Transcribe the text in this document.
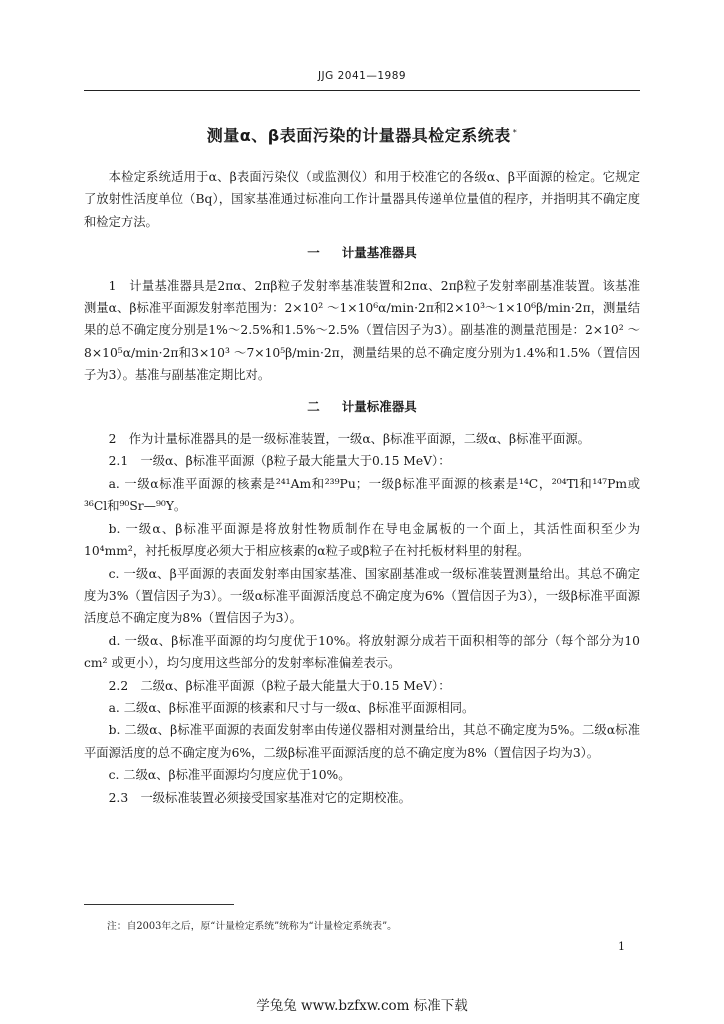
JJG 2041—1989
测量α、β表面污染的计量器具检定系统表 *

本检定系统适用于α、β表面污染仪（或监测仪）和用于校准它的各级α、β平面源的检定。它规定了放射性活度单位（Bq），国家基准通过标准向工作计量器具传递单位量值的程序，并指明其不确定度和检定方法。

一 计量基准器具

1　计量基准器具是2πα、2πβ粒子发射率基准装置和2πα、2πβ粒子发射率副基准装置。该基准测量α、β标准平面源发射率范围为：2×10² ～1×10⁶α/min·2π和2×10³～1×10⁶β/min·2π，测量结果的总不确定度分别是1%～2.5%和1.5%～2.5%（置信因子为3）。副基准的测量范围是：2×10² ～8×10⁵α/min·2π和3×10³ ～7×10⁵β/min·2π，测量结果的总不确定度分别为1.4%和1.5%（置信因子为3）。基准与副基准定期比对。

二 计量标准器具

2　作为计量标准器具的是一级标准装置，一级α、β标准平面源，二级α、β标准平面源。

2.1　一级α、β标准平面源（β粒子最大能量大于0.15 MeV）：

a. 一级α标准平面源的核素是²⁴¹Am和²³⁹Pu；一级β标准平面源的核素是¹⁴C，²⁰⁴Tl和¹⁴⁷Pm或³⁶Cl和⁹⁰Sr—⁹⁰Y。

b. 一级α、β标准平面源是将放射性物质制作在导电金属板的一个面上，其活性面积至少为10⁴mm²，衬托板厚度必须大于相应核素的α粒子或β粒子在衬托板材料里的射程。

c. 一级α、β平面源的表面发射率由国家基准、国家副基准或一级标准装置测量给出。其总不确定度为3%（置信因子为3）。一级α标准平面源活度总不确定度为6%（置信因子为3），一级β标准平面源活度总不确定度为8%（置信因子为3）。

d. 一级α、β标准平面源的均匀度优于10%。将放射源分成若干面积相等的部分（每个部分为10 cm² 或更小），均匀度用这些部分的发射率标准偏差表示。

2.2　二级α、β标准平面源（β粒子最大能量大于0.15 MeV）：

a. 二级α、β标准平面源的核素和尺寸与一级α、β标准平面源相同。

b. 二级α、β标准平面源的表面发射率由传递仪器相对测量给出，其总不确定度为5%。二级α标准平面源活度的总不确定度为6%，二级β标准平面源活度的总不确定度为8%（置信因子均为3）。

c. 二级α、β标准平面源均匀度应优于10%。

2.3　一级标准装置必须接受国家基准对它的定期校准。

注：自2003年之后，原“计量检定系统”统称为“计量检定系统表”。
1
学兔兔 www.bzfxw.com 标准下载
